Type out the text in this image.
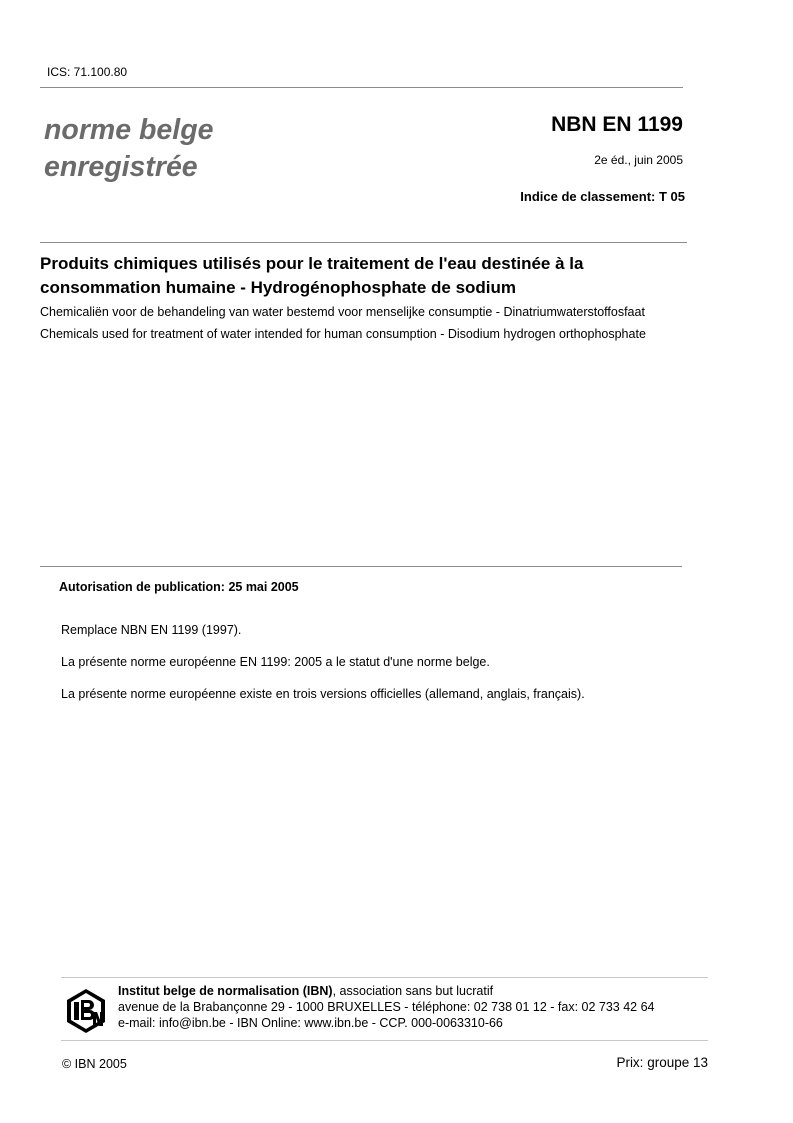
ICS: 71.100.80
norme belge
enregistrée
NBN EN 1199
2e éd., juin 2005
Indice de classement: T 05
Produits chimiques utilisés pour le traitement de l'eau destinée à la consommation humaine - Hydrogénophosphate de sodium
Chemicaliën voor de behandeling van water bestemd voor menselijke consumptie - Dinatriumwaterstoffosfaat
Chemicals used for treatment of water intended for human consumption - Disodium hydrogen orthophosphate
Autorisation de publication: 25 mai 2005
Remplace NBN EN 1199 (1997).
La présente norme européenne EN 1199: 2005 a le statut d'une norme belge.
La présente norme européenne existe en trois versions officielles (allemand, anglais, français).
Institut belge de normalisation (IBN), association sans but lucratif
avenue de la Brabançonne 29 - 1000 BRUXELLES - téléphone: 02 738 01 12 - fax: 02 733 42 64
e-mail: info@ibn.be - IBN Online: www.ibn.be - CCP. 000-0063310-66
© IBN 2005	Prix: groupe 13
